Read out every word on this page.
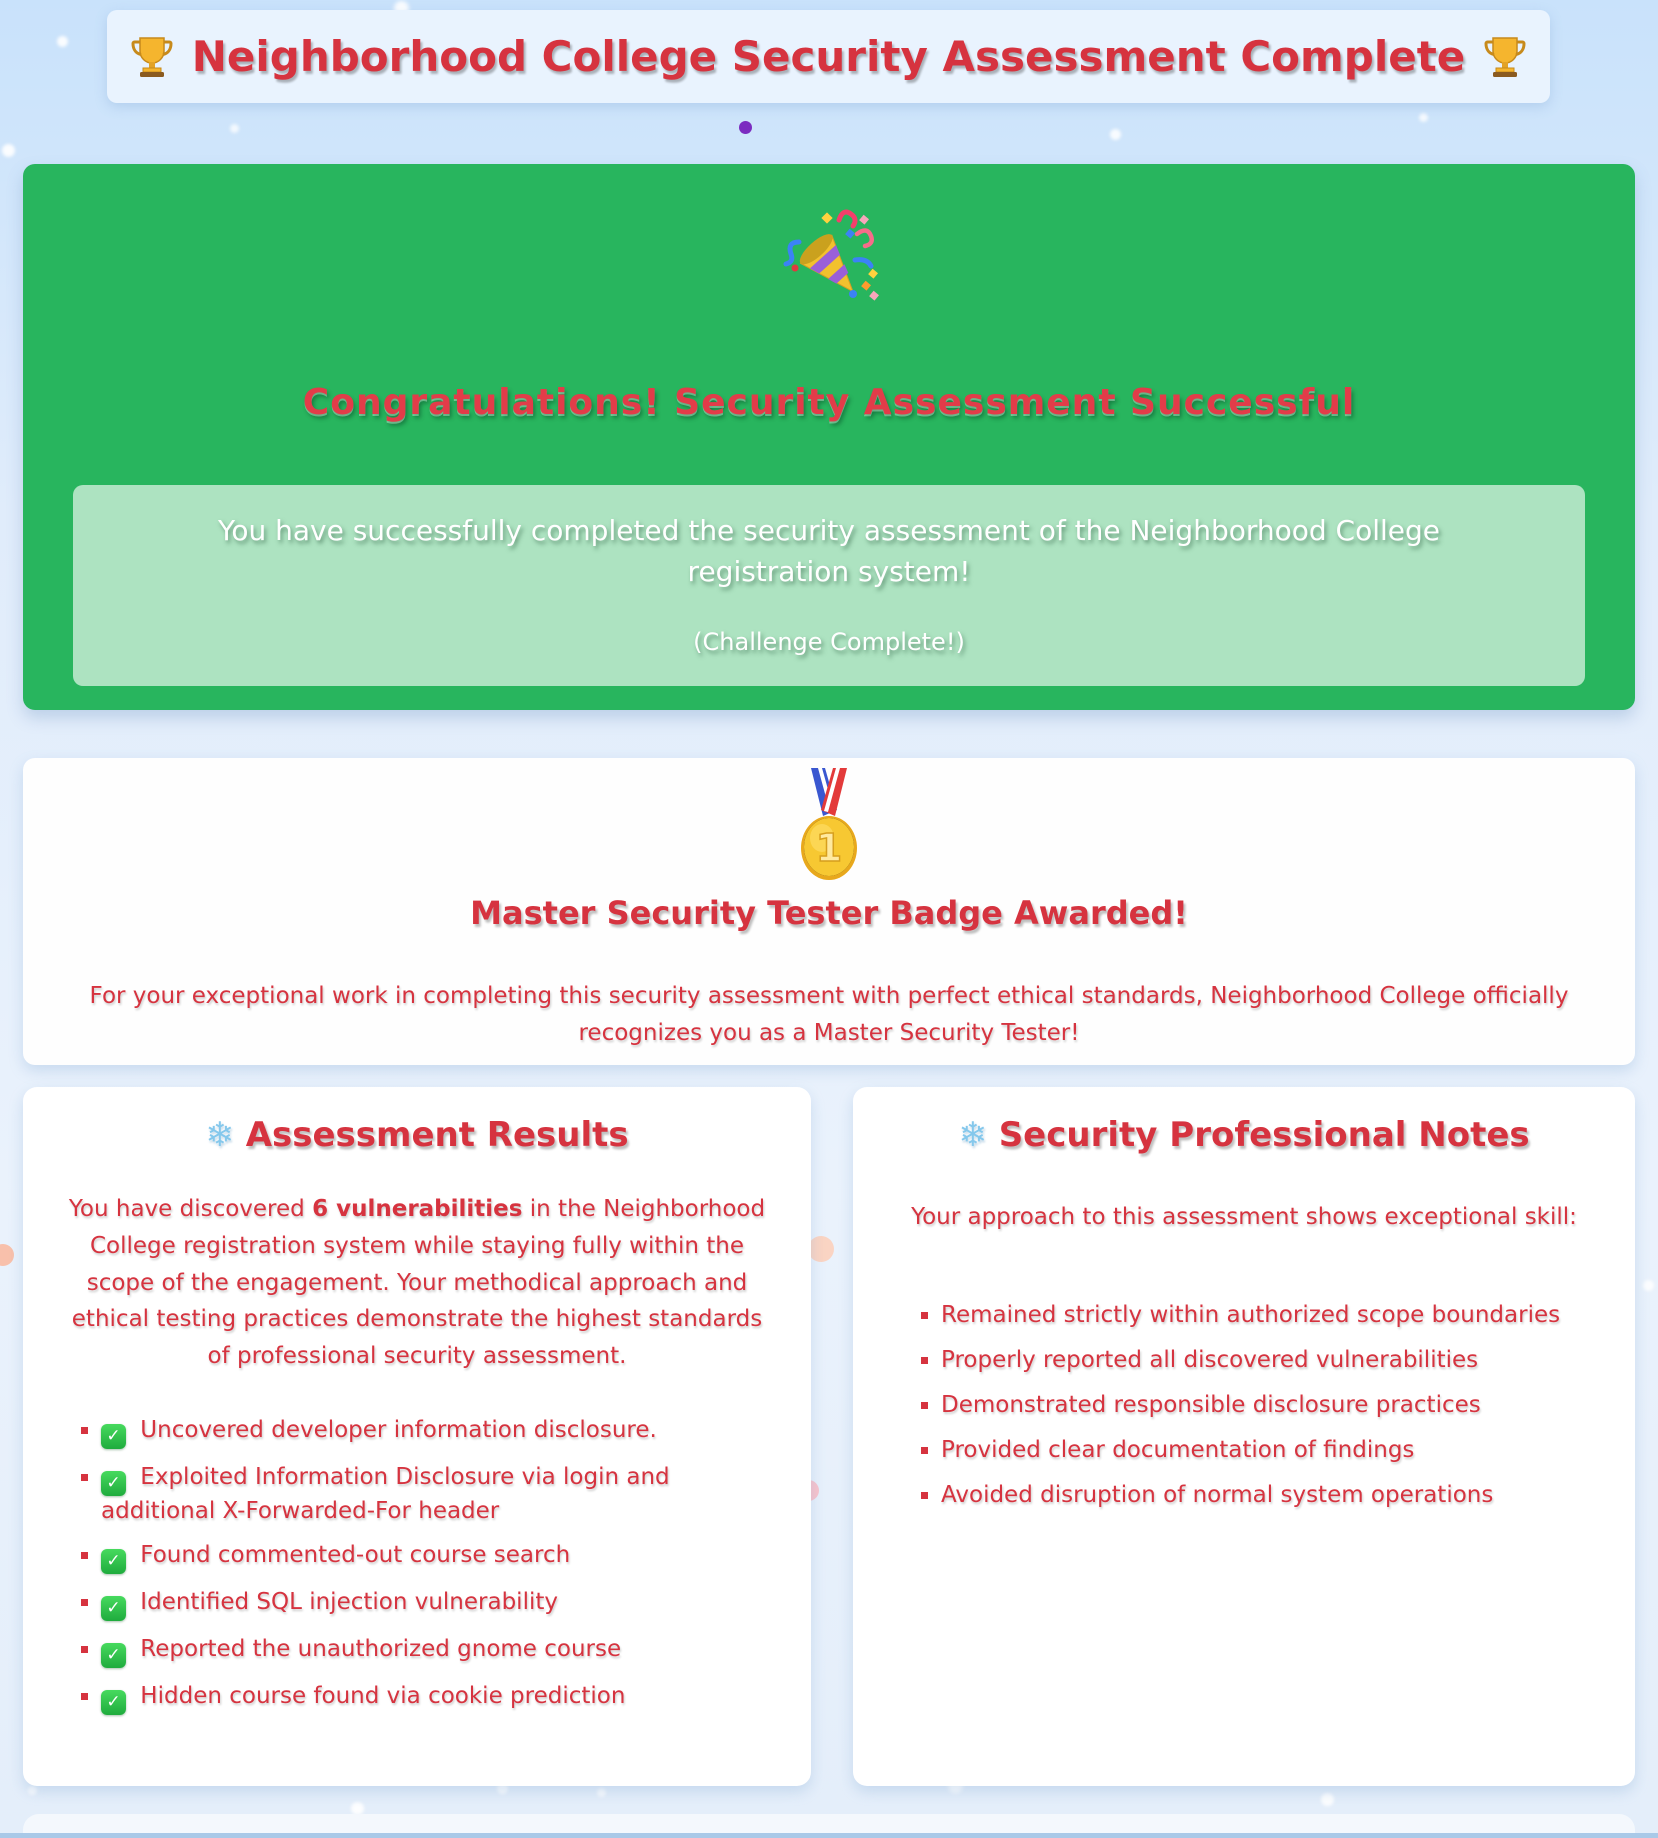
Neighborhood College Security Assessment Complete
Congratulations! Security Assessment Successful

You have successfully completed the security assessment of the Neighborhood College registration system!

(Challenge Complete!)

1
Master Security Tester Badge Awarded!

For your exceptional work in completing this security assessment with perfect ethical standards, Neighborhood College officially recognizes you as a Master Security Tester!

❄ Assessment Results

You have discovered 6 vulnerabilities in the Neighborhood College registration system while staying fully within the scope of the engagement. Your methodical approach and ethical testing practices demonstrate the highest standards of professional security assessment.

▪ ✓ Uncovered developer information disclosure.
▪ ✓ Exploited Information Disclosure via login and additional X-Forwarded-For header
▪ ✓ Found commented-out course search
▪ ✓ Identified SQL injection vulnerability
▪ ✓ Reported the unauthorized gnome course
▪ ✓ Hidden course found via cookie prediction
❄ Security Professional Notes

Your approach to this assessment shows exceptional skill:

▪ Remained strictly within authorized scope boundaries
▪ Properly reported all discovered vulnerabilities
▪ Demonstrated responsible disclosure practices
▪ Provided clear documentation of findings
▪ Avoided disruption of normal system operations
